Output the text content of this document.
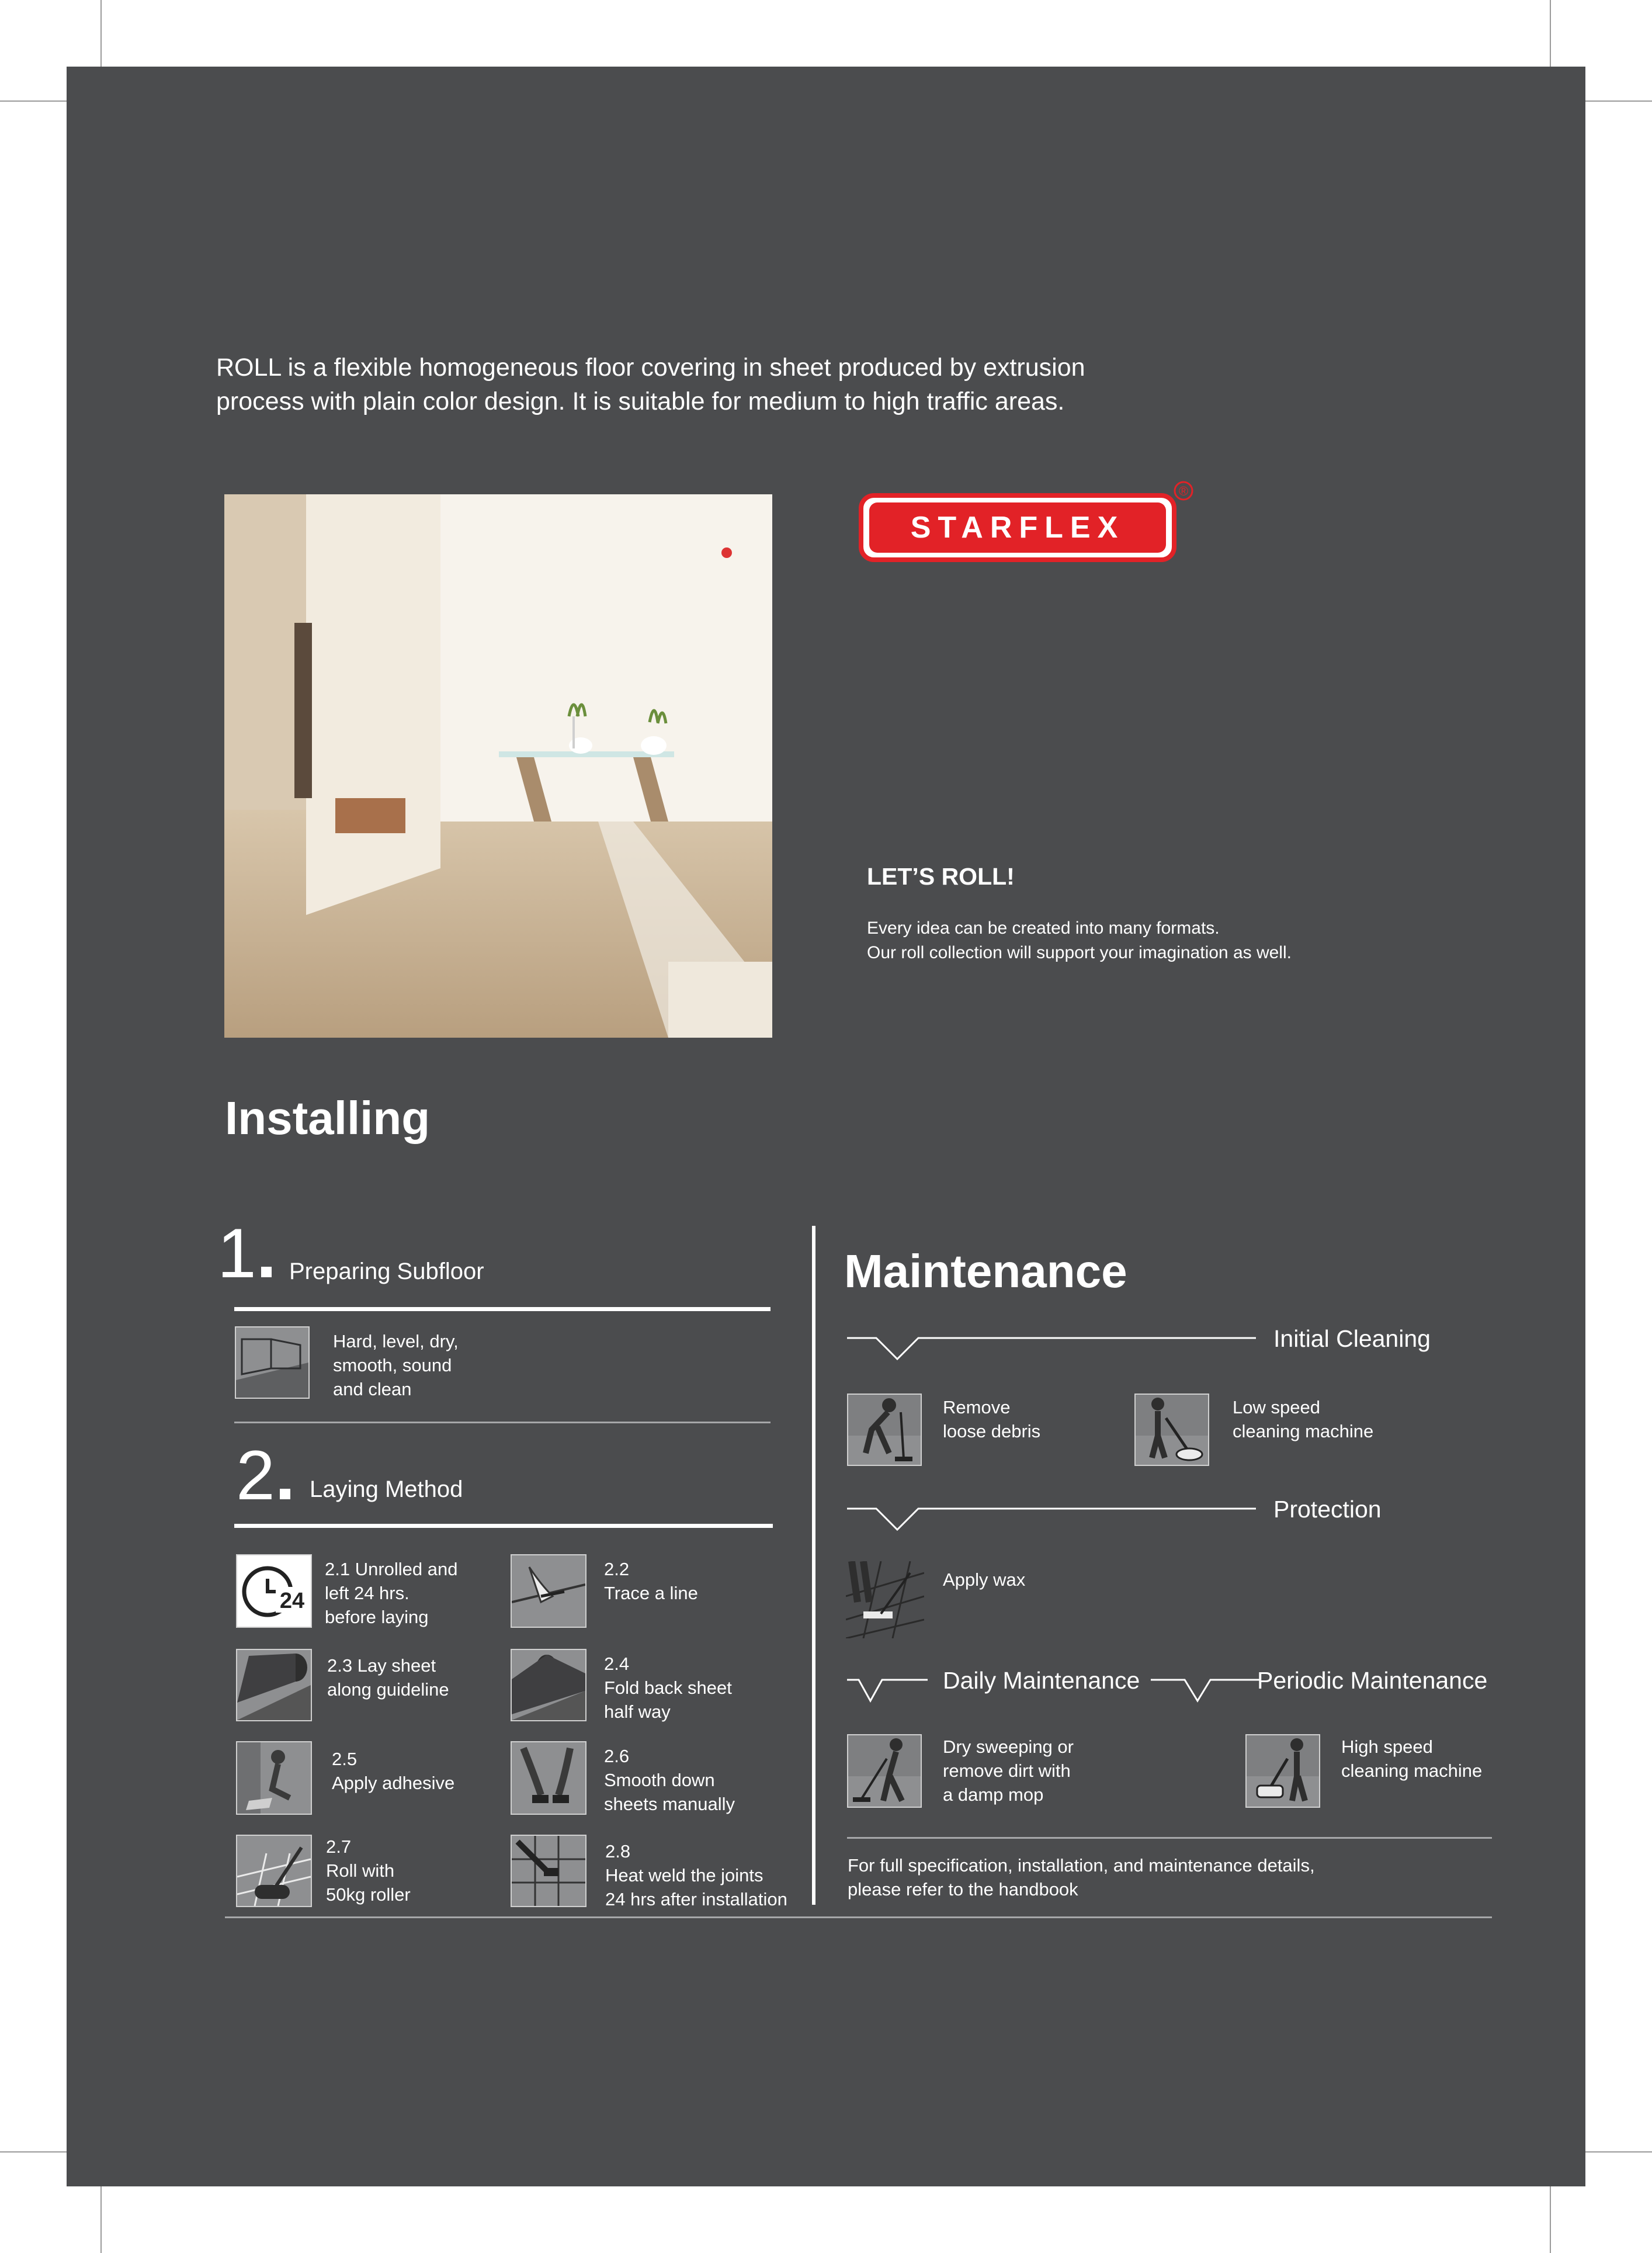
ROLL is a flexible homogeneous floor covering in sheet produced by extrusion
process with plain color design. It is suitable for medium to high traffic areas.
STARFLEX
®
LET’S ROLL!
Every idea can be created into many formats.
Our roll collection will support your imagination as well.
Installing
1	Preparing Subfloor
Hard, level, dry,
smooth, sound
and clean
2	Laying Method
24
2.1 Unrolled and
left 24 hrs.
before laying
2.2
Trace a line
2.3 Lay sheet
along guideline
2.4
Fold back sheet
half way
2.5
Apply adhesive
2.6
Smooth down
sheets manually
2.7
Roll with
50kg roller
2.8
Heat weld the joints
24 hrs after installation
Maintenance
Initial Cleaning
Remove
loose debris
Low speed
cleaning machine
Protection
Apply wax
Daily Maintenance	Periodic Maintenance
Dry sweeping or
remove dirt with
a damp mop
High speed
cleaning machine
For full specification, installation, and maintenance details,
please refer to the handbook
